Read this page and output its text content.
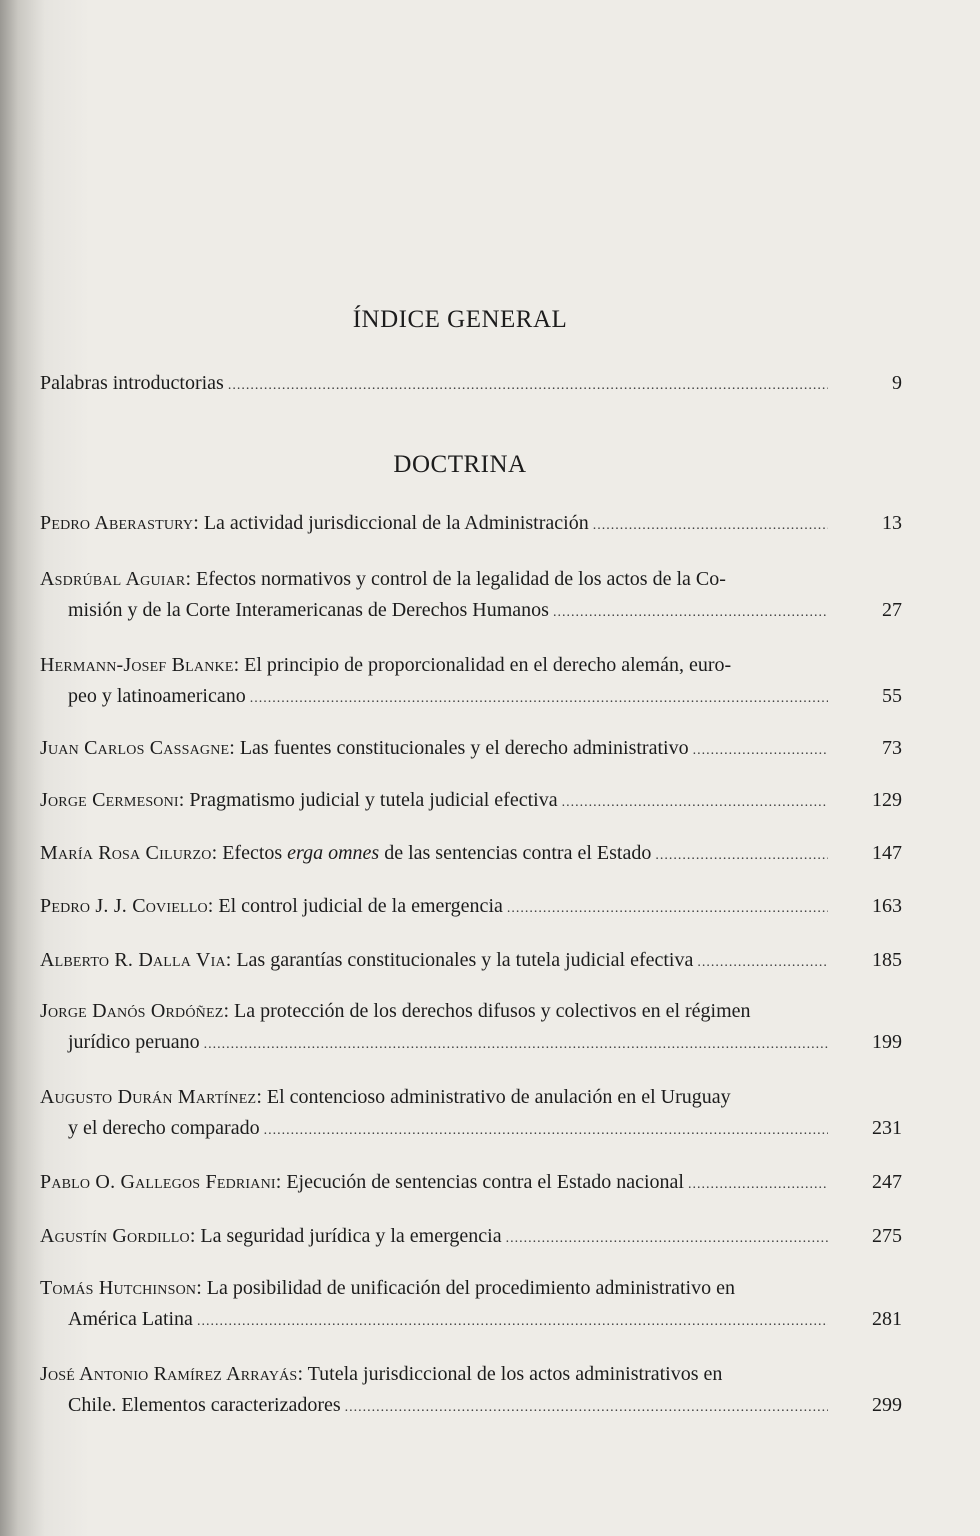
ÍNDICE GENERAL
Palabras introductorias .....	9
DOCTRINA
Pedro Aberastury: La actividad jurisdiccional de la Administración .....	13
Asdrúbal Aguiar: Efectos normativos y control de la legalidad de los actos de la Co-
misión y de la Corte Interamericanas de Derechos Humanos .....	27
Hermann-Josef Blanke: El principio de proporcionalidad en el derecho alemán, euro-
peo y latinoamericano .....	55
Juan Carlos Cassagne: Las fuentes constitucionales y el derecho administrativo .....	73
Jorge Cermesoni: Pragmatismo judicial y tutela judicial efectiva .....	129
María Rosa Cilurzo: Efectos erga omnes de las sentencias contra el Estado .....	147
Pedro J. J. Coviello: El control judicial de la emergencia .....	163
Alberto R. Dalla Via: Las garantías constitucionales y la tutela judicial efectiva .....	185
Jorge Danós Ordóñez: La protección de los derechos difusos y colectivos en el régimen
jurídico peruano .....	199
Augusto Durán Martínez: El contencioso administrativo de anulación en el Uruguay
y el derecho comparado .....	231
Pablo O. Gallegos Fedriani: Ejecución de sentencias contra el Estado nacional .....	247
Agustín Gordillo: La seguridad jurídica y la emergencia .....	275
Tomás Hutchinson: La posibilidad de unificación del procedimiento administrativo en
América Latina .....	281
José Antonio Ramírez Arrayás: Tutela jurisdiccional de los actos administrativos en
Chile. Elementos caracterizadores .....	299
